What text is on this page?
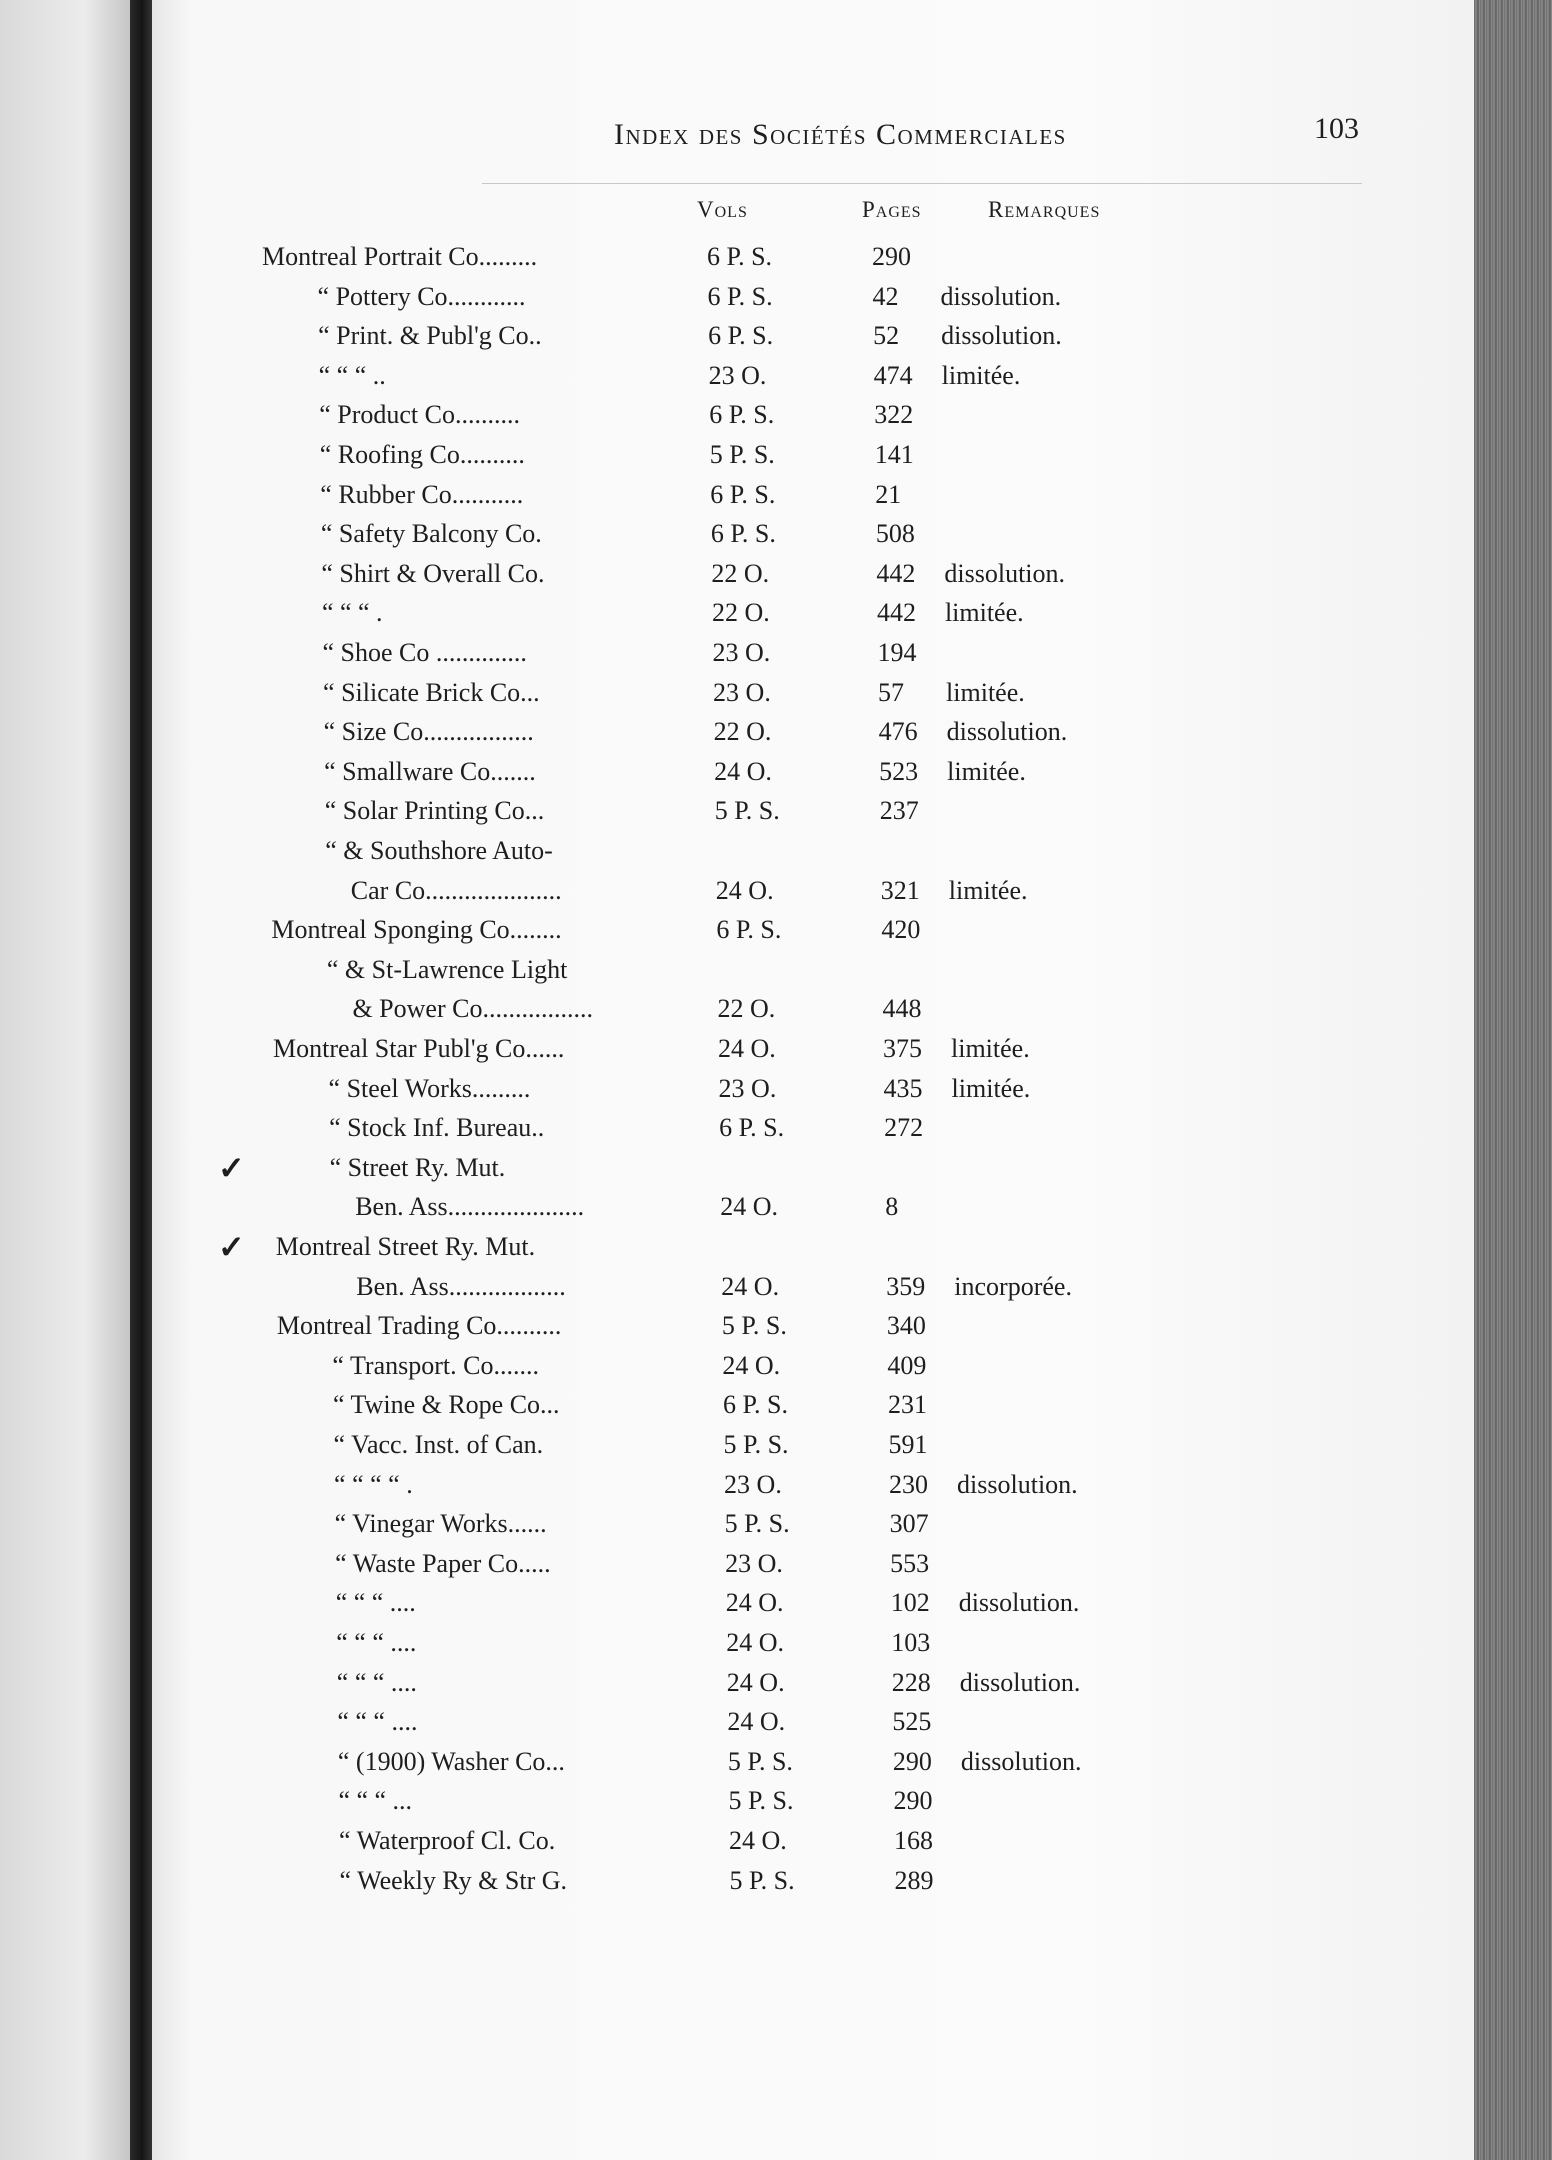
Index des Sociétés Commerciales	103
Vols	Pages	Remarques
Montreal Portrait Co.........	6 P. S.	290
“ Pottery Co............	6 P. S.	42 dissolution.
“ Print. & Publ'g Co..	6 P. S.	52 dissolution.
“ “ “ ..	23 O.	474 limitée.
“ Product Co..........	6 P. S.	322
“ Roofing Co..........	5 P. S.	141
“ Rubber Co...........	6 P. S.	21
“ Safety Balcony Co.	6 P. S.	508
“ Shirt & Overall Co.	22 O.	442 dissolution.
“ “ “ .	22 O.	442 limitée.
“ Shoe Co ..............	23 O.	194
“ Silicate Brick Co...	23 O.	57 limitée.
“ Size Co.................	22 O.	476 dissolution.
“ Smallware Co.......	24 O.	523 limitée.
“ Solar Printing Co...	5 P. S.	237
“ & Southshore Auto-
Car Co.....................	24 O.	321 limitée.
Montreal Sponging Co........	6 P. S.	420
“ & St-Lawrence Light
& Power Co.................	22 O.	448
Montreal Star Publ'g Co......	24 O.	375 limitée.
“ Steel Works.........	23 O.	435 limitée.
“ Stock Inf. Bureau..	6 P. S.	272
✓	“ Street Ry. Mut.
Ben. Ass.....................	24 O.	8
✓ Montreal Street Ry. Mut.
Ben. Ass..................	24 O.	359 incorporée.
Montreal Trading Co..........	5 P. S.	340
“ Transport. Co.......	24 O.	409
“ Twine & Rope Co...	6 P. S.	231
“ Vacc. Inst. of Can.	5 P. S.	591
“ “ “ “ .	23 O.	230 dissolution.
“ Vinegar Works......	5 P. S.	307
“ Waste Paper Co.....	23 O.	553
“ “ “ ....	24 O.	102 dissolution.
“ “ “ ....	24 O.	103
“ “ “ ....	24 O.	228 dissolution.
“ “ “ ....	24 O.	525
“ (1900) Washer Co...	5 P. S.	290 dissolution.
“ “ “ ...	5 P. S.	290
“ Waterproof Cl. Co.	24 O.	168
“ Weekly Ry & Str G.	5 P. S.	289
